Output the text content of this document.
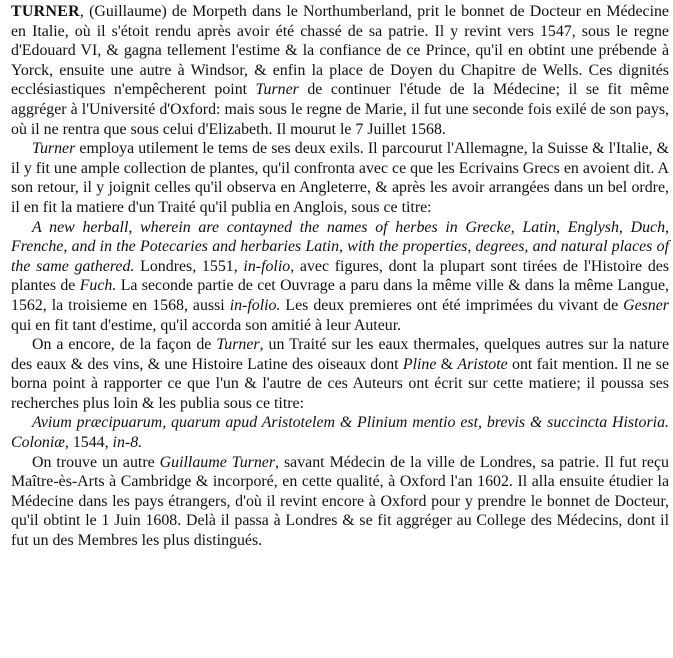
TURNER, (Guillaume) de Morpeth dans le Northumberland, prit le bonnet de Docteur en Médecine en Italie, où il s'étoit rendu après avoir été chassé de sa patrie. Il y revint vers 1547, sous le regne d'Edouard VI, & gagna tellement l'estime & la confiance de ce Prince, qu'il en obtint une prébende à Yorck, ensuite une autre à Windsor, & enfin la place de Doyen du Chapitre de Wells. Ces dignités ecclésiastiques n'empêcherent point Turner de continuer l'étude de la Médecine; il se fit même aggréger à l'Université d'Oxford: mais sous le regne de Marie, il fut une seconde fois exilé de son pays, où il ne rentra que sous celui d'Elizabeth. Il mourut le 7 Juillet 1568.

Turner employa utilement le tems de ses deux exils. Il parcourut l'Allemagne, la Suisse & l'Italie, & il y fit une ample collection de plantes, qu'il confronta avec ce que les Ecrivains Grecs en avoient dit. A son retour, il y joignit celles qu'il observa en Angleterre, & après les avoir arrangées dans un bel ordre, il en fit la matiere d'un Traité qu'il publia en Anglois, sous ce titre:

A new herball, wherein are contayned the names of herbes in Grecke, Latin, Englysh, Duch, Frenche, and in the Potecaries and herbaries Latin, with the properties, degrees, and natural places of the same gathered. Londres, 1551, in-folio, avec figures, dont la plupart sont tirées de l'Histoire des plantes de Fuch. La seconde partie de cet Ouvrage a paru dans la même ville & dans la même Langue, 1562, la troisieme en 1568, aussi in-folio. Les deux premieres ont été imprimées du vivant de Gesner qui en fit tant d'estime, qu'il accorda son amitié à leur Auteur.

On a encore, de la façon de Turner, un Traité sur les eaux thermales, quelques autres sur la nature des eaux & des vins, & une Histoire Latine des oiseaux dont Pline & Aristote ont fait mention. Il ne se borna point à rapporter ce que l'un & l'autre de ces Auteurs ont écrit sur cette matiere; il poussa ses recherches plus loin & les publia sous ce titre:

Avium præcipuarum, quarum apud Aristotelem & Plinium mentio est, brevis & succincta Historia. Coloniæ, 1544, in-8.

On trouve un autre Guillaume Turner, savant Médecin de la ville de Londres, sa patrie. Il fut reçu Maître-ès-Arts à Cambridge & incorporé, en cette qualité, à Oxford l'an 1602. Il alla ensuite étudier la Médecine dans les pays étrangers, d'où il revint encore à Oxford pour y prendre le bonnet de Docteur, qu'il obtint le 1 Juin 1608. Delà il passa à Londres & se fit aggréger au College des Médecins, dont il fut un des Membres les plus distingués.
